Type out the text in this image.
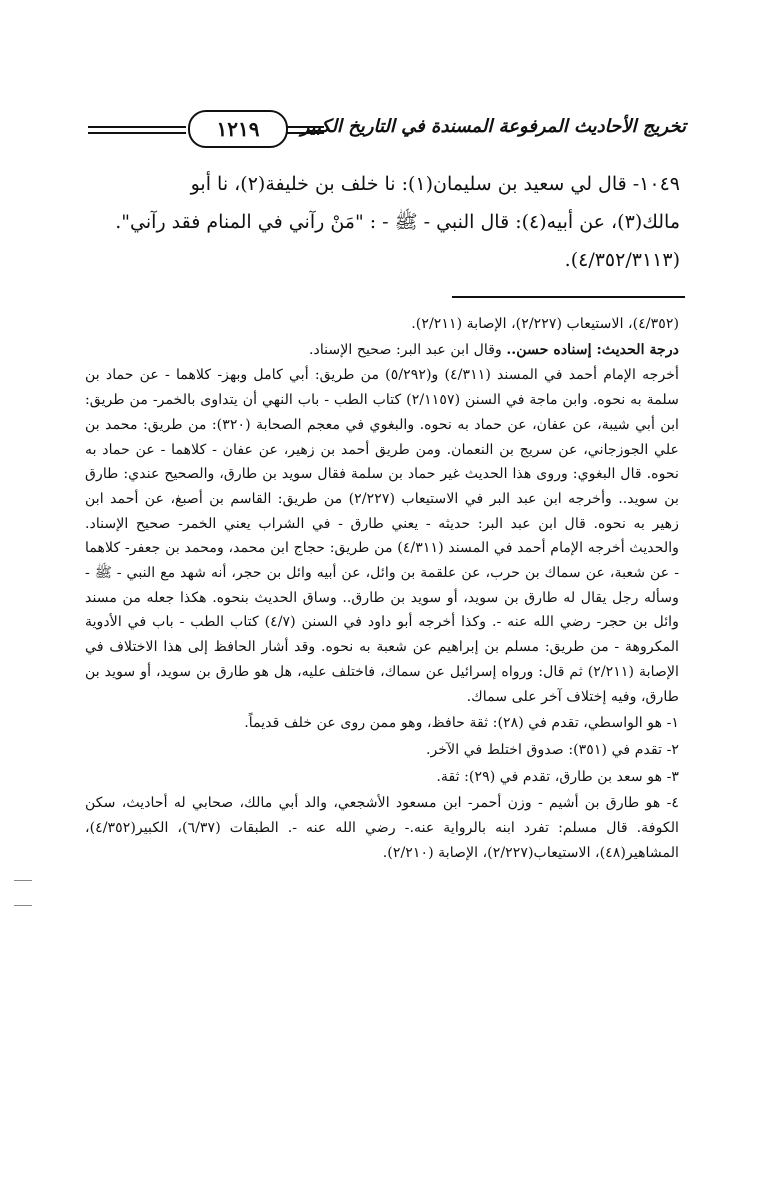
تخريج الأحاديث المرفوعة المسندة في التاريخ الكبير
١٢١٩

١٠٤٩- قال لي سعيد بن سليمان(١): نا خلف بن خليفة(٢)، نا أبو

مالك(٣)، عن أبيه(٤): قال النبي - ﷺ - : "مَنْ رآني في المنام فقد رآني".

(٤/٣٥٢/٣١١٣).

(٤/٣٥٢)، الاستيعاب (٢/٢٢٧)، الإصابة (٢/٢١١).

درجة الحديث: إسناده حسن.. وقال ابن عبد البر: صحيح الإسناد.

أخرجه الإمام أحمد في المسند (٤/٣١١) و(٥/٢٩٢) من طريق: أبي كامل وبهز- كلاهما - عن حماد بن سلمة به نحوه. وابن ماجة في السنن (٢/١١٥٧) كتاب الطب - باب النهي أن يتداوى بالخمر- من طريق: ابن أبي شيبة، عن عفان، عن حماد به نحوه. والبغوي في معجم الصحابة (٣٢٠): من طريق: محمد بن علي الجوزجاني، عن سريج بن النعمان. ومن طريق أحمد بن زهير، عن عفان - كلاهما - عن حماد به نحوه. قال البغوي: وروى هذا الحديث غير حماد بن سلمة فقال سويد بن طارق، والصحيح عندي: طارق بن سويد.. وأخرجه ابن عبد البر في الاستيعاب (٢/٢٢٧) من طريق: القاسم بن أصبغ، عن أحمد ابن زهير به نحوه. قال ابن عبد البر: حديثه - يعني طارق - في الشراب يعني الخمر- صحيح الإسناد. والحديث أخرجه الإمام أحمد في المسند (٤/٣١١) من طريق: حجاج ابن محمد، ومحمد بن جعفر- كلاهما - عن شعبة، عن سماك بن حرب، عن علقمة بن وائل، عن أبيه وائل بن حجر، أنه شهد مع النبي - ﷺ - وسأله رجل يقال له طارق بن سويد، أو سويد بن طارق.. وساق الحديث بنحوه. هكذا جعله من مسند وائل بن حجر- رضي الله عنه -. وكذا أخرجه أبو داود في السنن (٤/٧) كتاب الطب - باب في الأدوية المكروهة - من طريق: مسلم بن إبراهيم عن شعبة به نحوه. وقد أشار الحافظ إلى هذا الاختلاف في الإصابة (٢/٢١١) ثم قال: ورواه إسرائيل عن سماك، فاختلف عليه، هل هو طارق بن سويد، أو سويد بن طارق، وفيه إختلاف آخر على سماك.

١- هو الواسطي، تقدم في (٢٨): ثقة حافظ، وهو ممن روى عن خلف قديماً.

٢- تقدم في (٣٥١): صدوق اختلط في الآخر.

٣- هو سعد بن طارق، تقدم في (٢٩): ثقة.

٤- هو طارق بن أشيم - وزن أحمر- ابن مسعود الأشجعي، والد أبي مالك، صحابي له أحاديث، سكن الكوفة. قال مسلم: تفرد ابنه بالرواية عنه.- رضي الله عنه -. الطبقات (٦/٣٧)، الكبير(٤/٣٥٢)، المشاهير(٤٨)، الاستيعاب(٢/٢٢٧)، الإصابة (٢/٢١٠).
